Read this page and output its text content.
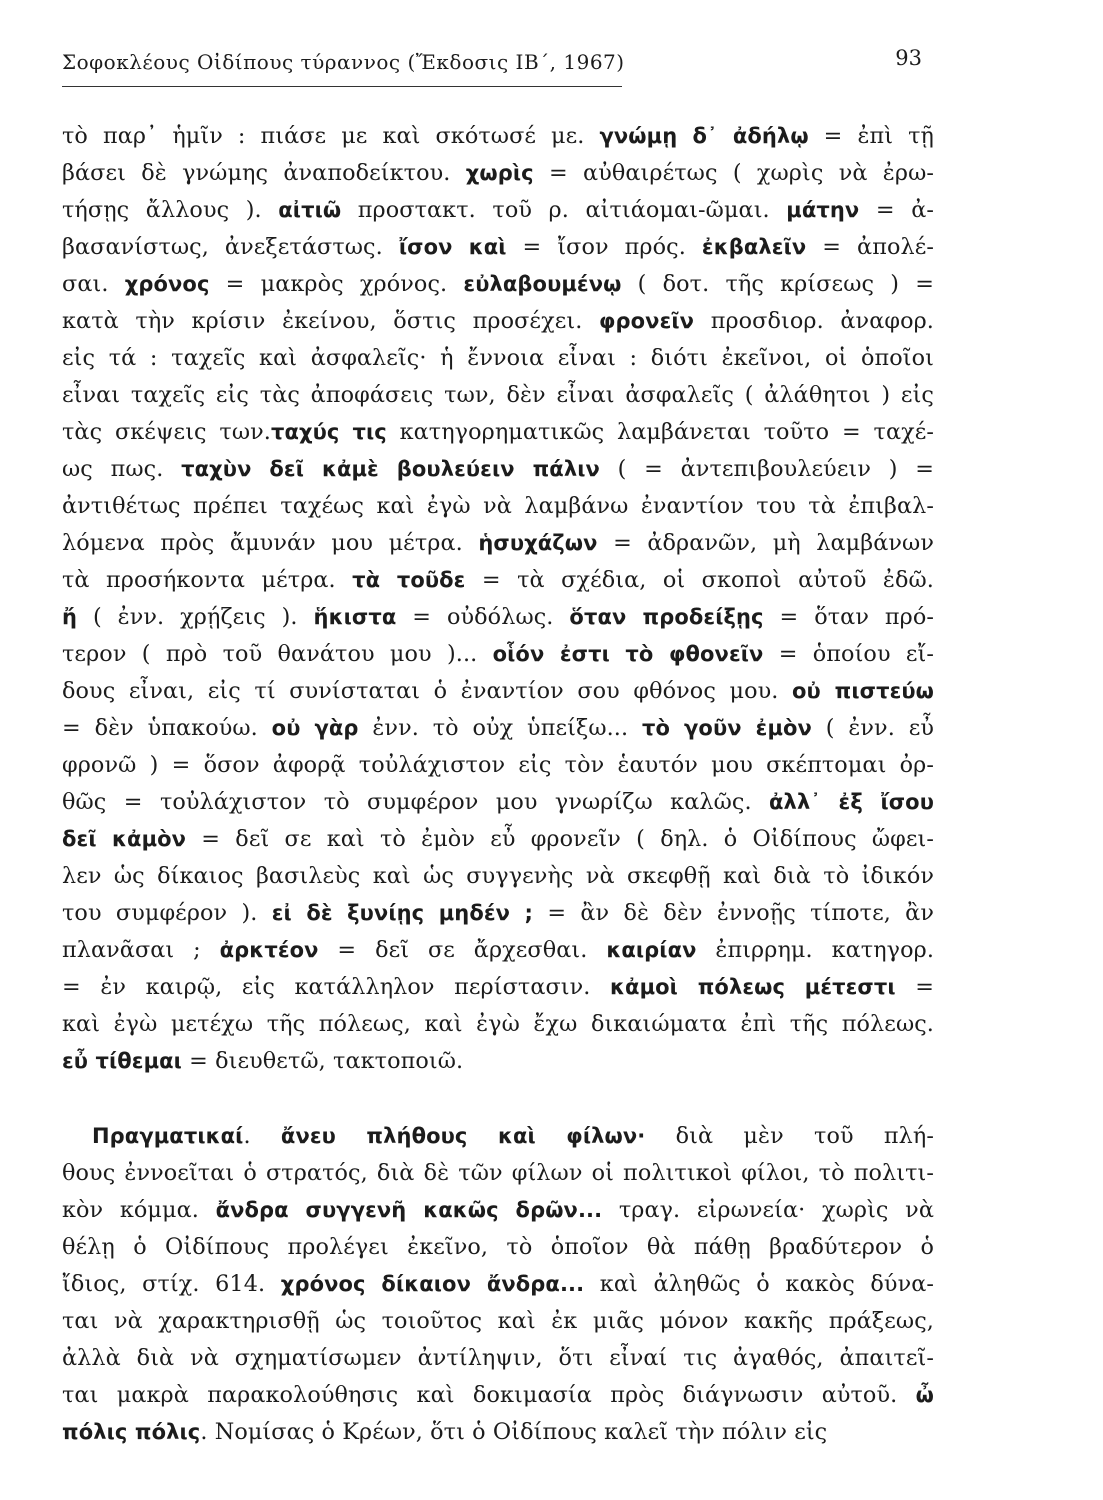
Σοφοκλέους Οἰδίπους τύραννος (Ἔκδοσις ΙΒ΄, 1967)	93
τὸ παρ᾽ ἡμῖν : πιάσε με καὶ σκότωσέ με. γνώμῃ δ᾽ ἀδήλῳ = ἐπὶ τῇ
βάσει δὲ γνώμης ἀναποδείκτου. χωρὶς = αὐθαιρέτως ( χωρὶς νὰ ἐρω-
τήσῃς ἄλλους ). αἰτιῶ προστακτ. τοῦ ρ. αἰτιάομαι-ῶμαι. μάτην = ἀ-
βασανίστως, ἀνεξετάστως. ἴσον καὶ = ἴσον πρός. ἐκβαλεῖν = ἀπολέ-
σαι. χρόνος = μακρὸς χρόνος. εὐλαβουμένῳ ( δοτ. τῆς κρίσεως ) =
κατὰ τὴν κρίσιν ἐκείνου, ὅστις προσέχει. φρονεῖν προσδιορ. ἀναφορ.
εἰς τά : ταχεῖς καὶ ἀσφαλεῖς· ἡ ἔννοια εἶναι : διότι ἐκεῖνοι, οἱ ὁποῖοι
εἶναι ταχεῖς εἰς τὰς ἀποφάσεις των, δὲν εἶναι ἀσφαλεῖς ( ἀλάθητοι ) εἰς
τὰς σκέψεις των.ταχύς τις κατηγορηματικῶς λαμβάνεται τοῦτο = ταχέ-
ως πως. ταχὺν δεῖ κἀμὲ βουλεύειν πάλιν ( = ἀντεπιβουλεύειν ) =
ἀντιθέτως πρέπει ταχέως καὶ ἐγὼ νὰ λαμβάνω ἐναντίον του τὰ ἐπιβαλ-
λόμενα πρὸς ἄμυνάν μου μέτρα. ἡσυχάζων = ἀδρανῶν, μὴ λαμβάνων
τὰ προσήκοντα μέτρα. τὰ τοῦδε = τὰ σχέδια, οἱ σκοποὶ αὐτοῦ ἐδῶ.
ἤ ( ἐνν. χρῄζεις ). ἥκιστα = οὐδόλως. ὅταν προδείξῃς = ὅταν πρό-
τερον ( πρὸ τοῦ θανάτου μου )... οἷόν ἐστι τὸ φθονεῖν = ὁποίου εἴ-
δους εἶναι, εἰς τί συνίσταται ὁ ἐναντίον σου φθόνος μου. οὐ πιστεύω
= δὲν ὑπακούω. οὐ γὰρ ἐνν. τὸ οὐχ ὑπείξω... τὸ γοῦν ἐμὸν ( ἐνν. εὖ
φρονῶ ) = ὅσον ἀφορᾷ τοὐλάχιστον εἰς τὸν ἑαυτόν μου σκέπτομαι ὀρ-
θῶς = τοὐλάχιστον τὸ συμφέρον μου γνωρίζω καλῶς. ἀλλ᾽ ἐξ ἴσου
δεῖ κἀμὸν = δεῖ σε καὶ τὸ ἐμὸν εὖ φρονεῖν ( δηλ. ὁ Οἰδίπους ὤφει-
λεν ὡς δίκαιος βασιλεὺς καὶ ὡς συγγενὴς νὰ σκεφθῇ καὶ διὰ τὸ ἰδικόν
του συμφέρον ). εἰ δὲ ξυνίῃς μηδέν ; = ἂν δὲ δὲν ἐννοῇς τίποτε, ἂν
πλανᾶσαι ; ἀρκτέον = δεῖ σε ἄρχεσθαι. καιρίαν ἐπιρρημ. κατηγορ.
= ἐν καιρῷ, εἰς κατάλληλον περίστασιν. κἀμοὶ πόλεως μέτεστι =
καὶ ἐγὼ μετέχω τῆς πόλεως, καὶ ἐγὼ ἔχω δικαιώματα ἐπὶ τῆς πόλεως.
εὖ τίθεμαι = διευθετῶ, τακτοποιῶ.
Πραγματικαί. ἄνευ πλήθους καὶ φίλων· διὰ μὲν τοῦ πλή-
θους ἐννοεῖται ὁ στρατός, διὰ δὲ τῶν φίλων οἱ πολιτικοὶ φίλοι, τὸ πολιτι-
κὸν κόμμα. ἄνδρα συγγενῆ κακῶς δρῶν... τραγ. εἰρωνεία· χωρὶς νὰ
θέλῃ ὁ Οἰδίπους προλέγει ἐκεῖνο, τὸ ὁποῖον θὰ πάθῃ βραδύτερον ὁ
ἴδιος, στίχ. 614. χρόνος δίκαιον ἄνδρα... καὶ ἀληθῶς ὁ κακὸς δύνα-
ται νὰ χαρακτηρισθῇ ὡς τοιοῦτος καὶ ἐκ μιᾶς μόνον κακῆς πράξεως,
ἀλλὰ διὰ νὰ σχηματίσωμεν ἀντίληψιν, ὅτι εἶναί τις ἀγαθός, ἀπαιτεῖ-
ται μακρὰ παρακολούθησις καὶ δοκιμασία πρὸς διάγνωσιν αὐτοῦ. ὦ
πόλις πόλις. Νομίσας ὁ Κρέων, ὅτι ὁ Οἰδίπους καλεῖ τὴν πόλιν εἰς
